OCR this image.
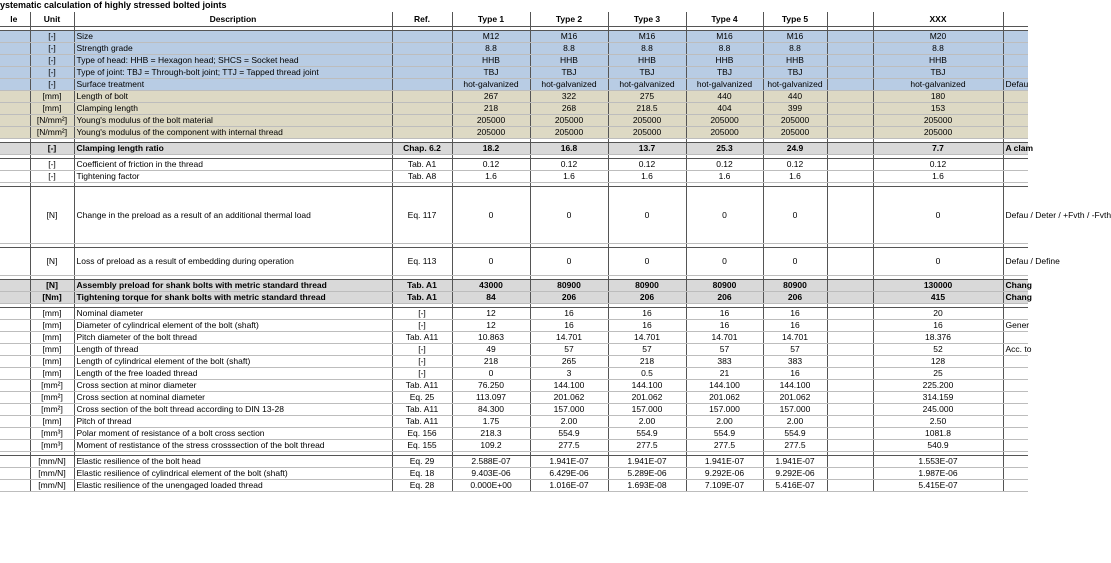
ystematic calculation of highly stressed bolted joints
le	Unit	Description	Ref.	Type 1	Type 2	Type 3	Type 4	Type 5		XXX	

	[-]	Size		M12	M16	M16	M16	M16		M20	
	[-]	Strength grade		8.8	8.8	8.8	8.8	8.8		8.8	
	[-]	Type of head: HHB = Hexagon head; SHCS = Socket head		HHB	HHB	HHB	HHB	HHB		HHB	
	[-]	Type of joint: TBJ = Through-bolt joint; TTJ = Tapped thread joint		TBJ	TBJ	TBJ	TBJ	TBJ		TBJ	
	[-]	Surface treatment		hot-galvanized	hot-galvanized	hot-galvanized	hot-galvanized	hot-galvanized		hot-galvanized	Defau
	[mm]	Length of bolt		267	322	275	440	440		180	
	[mm]	Clamping length		218	268	218.5	404	399		153	
	[N/mm²]	Young's modulus of the bolt material		205000	205000	205000	205000	205000		205000	
	[N/mm²]	Young's modulus of the component with internal thread		205000	205000	205000	205000	205000		205000	

	[-]	Clamping length ratio	Chap. 6.2	18.2	16.8	13.7	25.3	24.9		7.7	A clam

	[-]	Coefficient of friction in the thread	Tab. A1	0.12	0.12	0.12	0.12	0.12		0.12	
	[-]	Tightening factor	Tab. A8	1.6	1.6	1.6	1.6	1.6		1.6	

	[N]	Change in the preload as a result of an additional thermal load	Eq. 117	0	0	0	0	0		0	Defau / Deter / +Fvth / -Fvth

	[N]	Loss of preload as a result of embedding during operation	Eq. 113	0	0	0	0	0		0	Defau / Define

	[N]	Assembly preload for shank bolts with metric standard thread	Tab. A1	43000	80900	80900	80900	80900		130000	Chang
	[Nm]	Tightening torque for shank bolts with metric standard thread	Tab. A1	84	206	206	206	206		415	Chang

	[mm]	Nominal diameter	[-]	12	16	16	16	16		20	
	[mm]	Diameter of cylindrical element of the bolt (shaft)	[-]	12	16	16	16	16		16	Gener
	[mm]	Pitch diameter of the bolt thread	Tab. A11	10.863	14.701	14.701	14.701	14.701		18.376	
	[mm]	Length of thread	[-]	49	57	57	57	57		52	Acc. to
	[mm]	Length of cylindrical element of the bolt (shaft)	[-]	218	265	218	383	383		128	
	[mm]	Length of the free loaded thread	[-]	0	3	0.5	21	16		25	
	[mm²]	Cross section at minor diameter	Tab. A11	76.250	144.100	144.100	144.100	144.100		225.200	
	[mm²]	Cross section at nominal diameter	Eq. 25	113.097	201.062	201.062	201.062	201.062		314.159	
	[mm²]	Cross section of the bolt thread according to DIN 13-28	Tab. A11	84.300	157.000	157.000	157.000	157.000		245.000	
	[mm]	Pitch of thread	Tab. A11	1.75	2.00	2.00	2.00	2.00		2.50	
	[mm³]	Polar moment of resistance of a bolt cross section	Eq. 156	218.3	554.9	554.9	554.9	554.9		1081.8	
	[mm³]	Moment of restistance of the stress crosssection of the bolt thread	Eq. 155	109.2	277.5	277.5	277.5	277.5		540.9	

	[mm/N]	Elastic resilience of the bolt head	Eq. 29	2.588E-07	1.941E-07	1.941E-07	1.941E-07	1.941E-07		1.553E-07	
	[mm/N]	Elastic resilience of cylindrical element of the bolt (shaft)	Eq. 18	9.403E-06	6.429E-06	5.289E-06	9.292E-06	9.292E-06		1.987E-06	
	[mm/N]	Elastic resilience of the unengaged loaded thread	Eq. 28	0.000E+00	1.016E-07	1.693E-08	7.109E-07	5.416E-07		5.415E-07	
